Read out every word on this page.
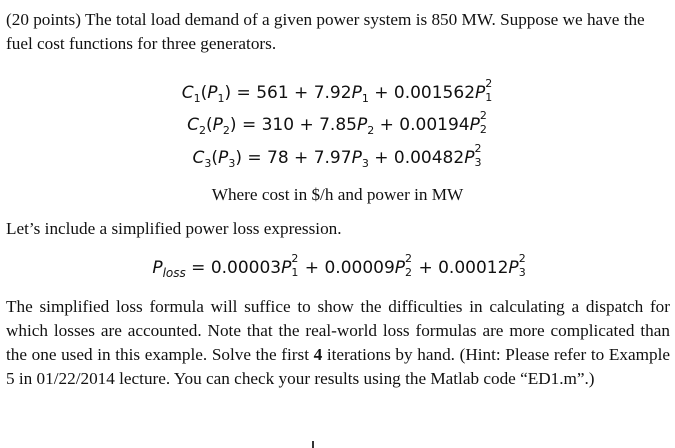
(20 points) The total load demand of a given power system is 850 MW. Suppose we have the fuel cost functions for three generators.
$C_1(P_1) = 561 + 7.92P_1 + 0.001562P$ 2
1
$C_2(P_2) = 310 + 7.85P_2 + 0.00194P$ 2
2
$C_3(P_3) = 78 + 7.97P_3 + 0.00482P$ 2
3
Where cost in $/h and power in MW
Let’s include a simplified power loss expression.
$P_{loss} = 0.00003P$ 2
1 + 0.00009P 2
2 + 0.00012P 2
3
The simplified loss formula will suffice to show the difficulties in calculating a dispatch for which losses are accounted. Note that the real-world loss formulas are more complicated than the one used in this example. Solve the first 4 iterations by hand. (Hint: Please refer to Example 5 in 01/22/2014 lecture. You can check your results using the Matlab code “ED1.m”.)
